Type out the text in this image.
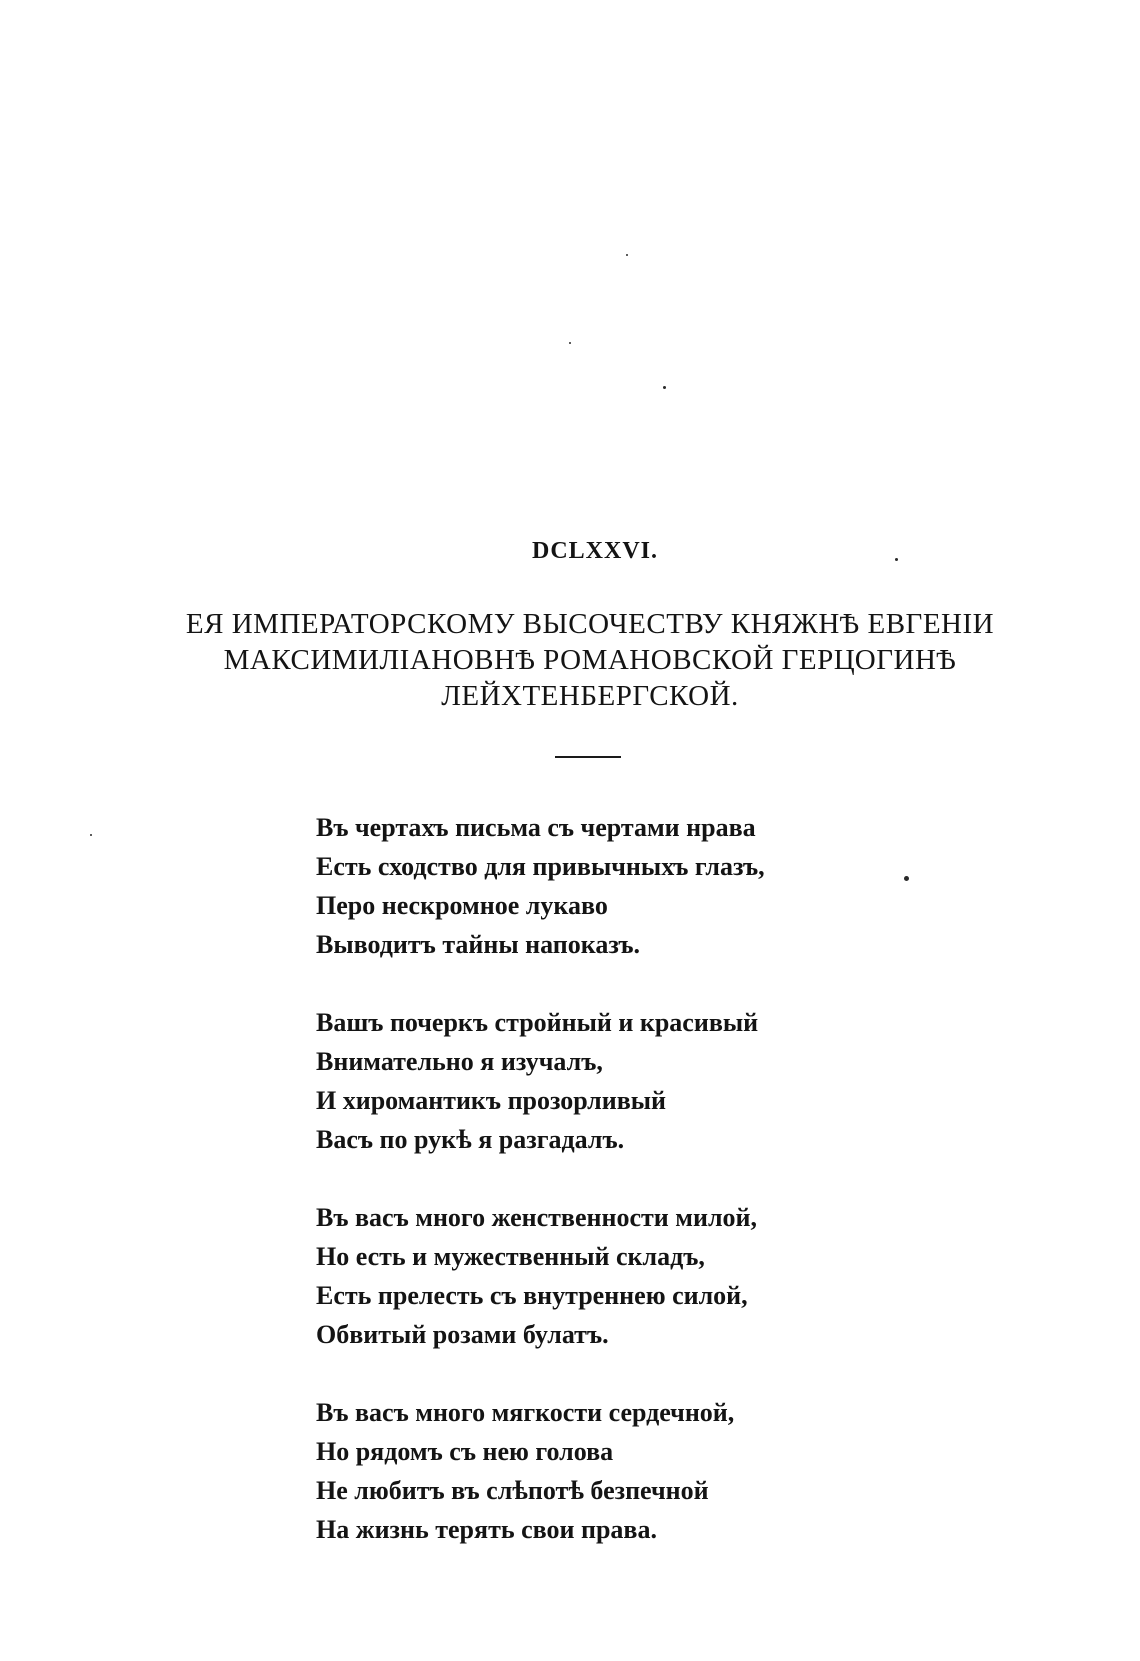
DCLXXVI.
ЕЯ ИМПЕРАТОРСКОМУ ВЫСОЧЕСТВУ КНЯЖНѢ ЕВГЕНIИ
МАКСИМИЛIАНОВНѢ РОМАНОВСКОЙ ГЕРЦОГИНѢ
ЛЕЙХТЕНБЕРГСКОЙ.
Въ чертахъ письма съ чертами нрава
Есть сходство для привычныхъ глазъ,
Перо нескромное лукаво
Выводитъ тайны напоказъ.
Вашъ почеркъ стройный и красивый
Внимательно я изучалъ,
И хиромантикъ прозорливый
Васъ по рукѣ я разгадалъ.
Въ васъ много женственности милой,
Но есть и мужественный складъ,
Есть прелесть съ внутреннею силой,
Обвитый розами булатъ.
Въ васъ много мягкости сердечной,
Но рядомъ съ нею голова
Не любитъ въ слѣпотѣ безпечной
На жизнь терять свои права.
